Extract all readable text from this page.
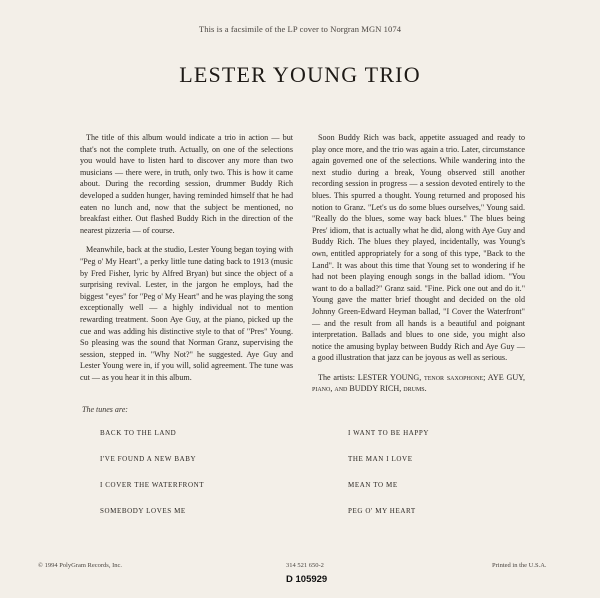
This is a facsimile of the LP cover to Norgran MGN 1074
LESTER YOUNG TRIO

The title of this album would indicate a trio in action — but that's not the complete truth. Actually, on one of the selections you would have to listen hard to discover any more than two musicians — there were, in truth, only two. This is how it came about. During the recording session, drummer Buddy Rich developed a sudden hunger, having reminded himself that he had eaten no lunch and, now that the subject be mentioned, no breakfast either. Out flashed Buddy Rich in the direction of the nearest pizzeria — of course.

Meanwhile, back at the studio, Lester Young began toying with "Peg o' My Heart", a perky little tune dating back to 1913 (music by Fred Fisher, lyric by Alfred Bryan) but since the object of a surprising revival. Lester, in the jargon he employs, had the biggest "eyes" for "Peg o' My Heart" and he was playing the song exceptionally well — a highly individual not to mention rewarding treatment. Soon Aye Guy, at the piano, picked up the cue and was adding his distinctive style to that of "Pres" Young. So pleasing was the sound that Norman Granz, supervising the session, stepped in. "Why Not?" he suggested. Aye Guy and Lester Young were in, if you will, solid agreement. The tune was cut — as you hear it in this album.

Soon Buddy Rich was back, appetite assuaged and ready to play once more, and the trio was again a trio. Later, circumstance again governed one of the selections. While wandering into the next studio during a break, Young observed still another recording session in progress — a session devoted entirely to the blues. This spurred a thought. Young returned and proposed his notion to Granz. "Let's us do some blues ourselves," Young said. "Really do the blues, some way back blues." The blues being Pres' idiom, that is actually what he did, along with Aye Guy and Buddy Rich. The blues they played, incidentally, was Young's own, entitled appropriately for a song of this type, "Back to the Land". It was about this time that Young set to wondering if he had not been playing enough songs in the ballad idiom. "You want to do a ballad?" Granz said. "Fine. Pick one out and do it." Young gave the matter brief thought and decided on the old Johnny Green-Edward Heyman ballad, "I Cover the Waterfront" — and the result from all hands is a beautiful and poignant interpretation. Ballads and blues to one side, you might also notice the amusing byplay between Buddy Rich and Aye Guy — a good illustration that jazz can be joyous as well as serious.

The artists: LESTER YOUNG, tenor saxophone; AYE GUY, piano, and BUDDY RICH, drums.

The tunes are:
BACK TO THE LAND
I'VE FOUND A NEW BABY
I COVER THE WATERFRONT
SOMEBODY LOVES ME
I WANT TO BE HAPPY
THE MAN I LOVE
MEAN TO ME
PEG O' MY HEART
© 1994 PolyGram Records, Inc.	314 521 650-2	Printed in the U.S.A.
D 105929
